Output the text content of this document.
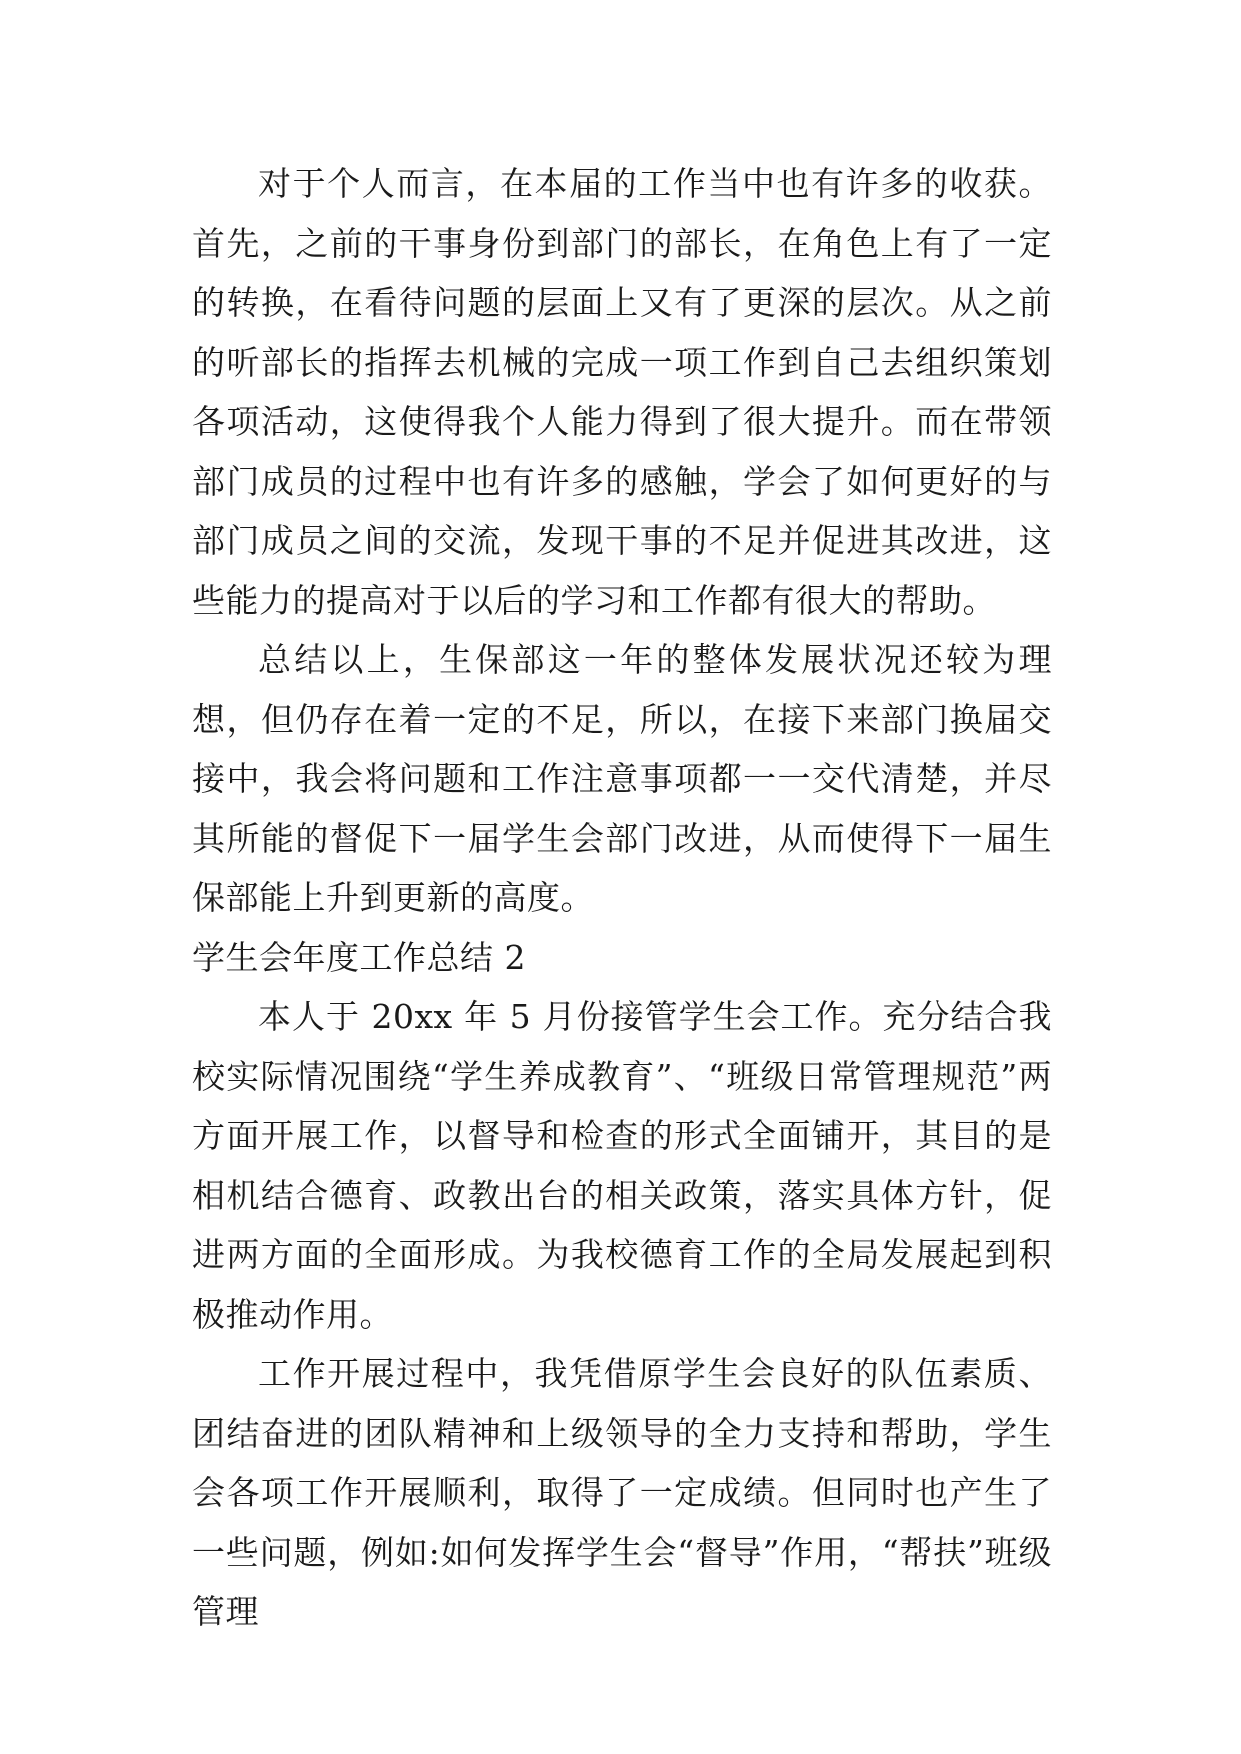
对于个人而言，在本届的工作当中也有许多的收获。首先，之前的干事身份到部门的部长，在角色上有了一定的转换，在看待问题的层面上又有了更深的层次。从之前的听部长的指挥去机械的完成一项工作到自己去组织策划各项活动，这使得我个人能力得到了很大提升。而在带领部门成员的过程中也有许多的感触，学会了如何更好的与部门成员之间的交流，发现干事的不足并促进其改进，这些能力的提高对于以后的学习和工作都有很大的帮助。

总结以上，生保部这一年的整体发展状况还较为理想，但仍存在着一定的不足，所以，在接下来部门换届交接中，我会将问题和工作注意事项都一一交代清楚，并尽其所能的督促下一届学生会部门改进，从而使得下一届生保部能上升到更新的高度。

学生会年度工作总结 2

本人于 20xx 年 5 月份接管学生会工作。充分结合我校实际情况围绕“学生养成教育”、“班级日常管理规范”两方面开展工作，以督导和检查的形式全面铺开，其目的是相机结合德育、政教出台的相关政策，落实具体方针，促进两方面的全面形成。为我校德育工作的全局发展起到积极推动作用。

工作开展过程中，我凭借原学生会良好的队伍素质、团结奋进的团队精神和上级领导的全力支持和帮助，学生会各项工作开展顺利，取得了一定成绩。但同时也产生了一些问题，例如:如何发挥学生会“督导”作用，“帮扶”班级管理
